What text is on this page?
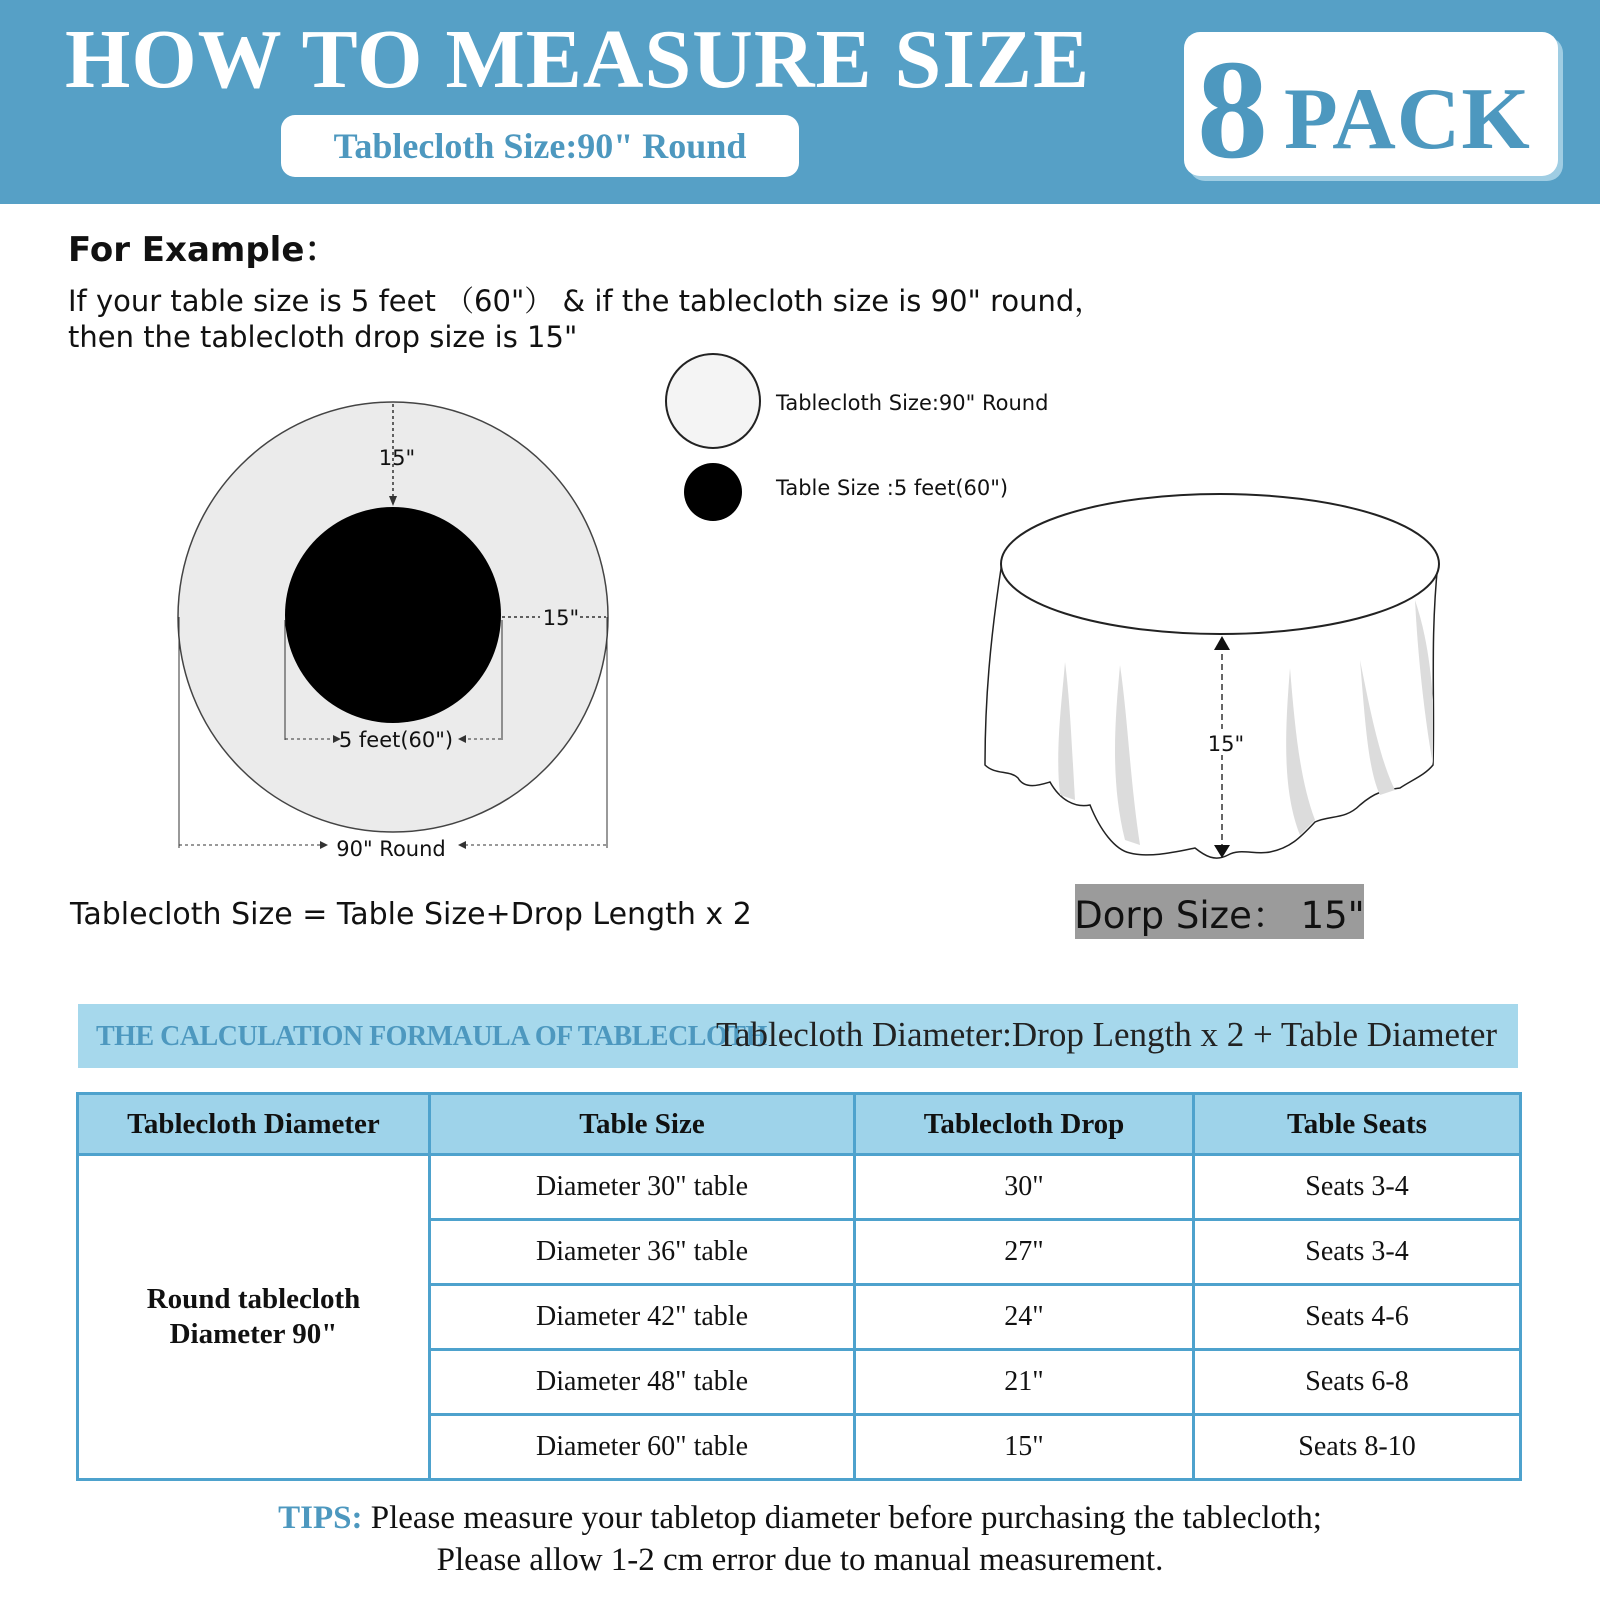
HOW TO MEASURE SIZE
Tablecloth Size:90" Round	8 PACK
For Example：
If your table size is 5 feet （60"） & if the tablecloth size is 90" round，
then the tablecloth drop size is 15"
15"
15"
5 feet(60")
90" Round
15"
Tablecloth Size:90" Round
Table Size :5 feet(60")
Tablecloth Size = Table Size+Drop Length x 2	Dorp Size： 15"
THE CALCULATION FORMAULA OF TABLECLOTH
Tablecloth Diameter:Drop Length x 2 + Table Diameter
Tablecloth Diameter	Table Size	Tablecloth Drop	Table Seats

Round tablecloth
Diameter 90"	Diameter 30" table	30"	Seats 3-4
	Diameter 36" table	27"	Seats 3-4
	Diameter 42" table	24"	Seats 4-6
	Diameter 48" table	21"	Seats 6-8
	Diameter 60" table	15"	Seats 8-10
TIPS: Please measure your tabletop diameter before purchasing the tablecloth;
Please allow 1-2 cm error due to manual measurement.
